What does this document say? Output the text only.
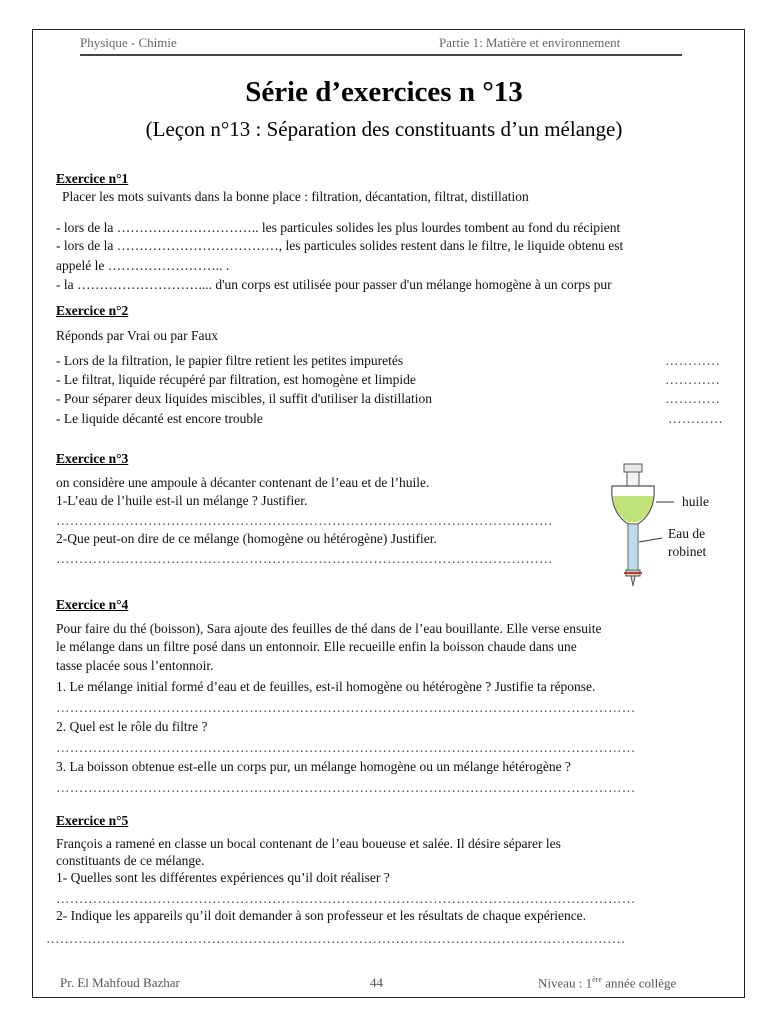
Physique - Chimie	Partie 1: Matière et environnement
Série d’exercices n °13
(Leçon n°13 : Séparation des constituants d’un mélange)
Exercice n°1
Placer les mots suivants dans la bonne place : filtration, décantation, filtrat, distillation
- lors de la ………………………….. les particules solides les plus lourdes tombent au fond du récipient
- lors de la ………………………………, les particules solides restent dans le filtre, le liquide obtenu est
appelé le …………………….. .
- la ……………………….... d'un corps est utilisée pour passer d'un mélange homogène à un corps pur
Exercice n°2
Réponds par Vrai ou par Faux
- Lors de la filtration, le papier filtre retient les petites impuretés	…………
- Le filtrat, liquide récupéré par filtration, est homogène et limpide	…………
- Pour séparer deux liquides miscibles, il suffit d'utiliser la distillation	…………
- Le liquide décanté est encore trouble	…………
Exercice n°3
on considère une ampoule à décanter contenant de l’eau et de l’huile.
1-L’eau de l’huile est-il un mélange ? Justifier.
………………………………………………………………………………………………
2-Que peut-on dire de ce mélange (homogène ou hétérogène) Justifier.
………………………………………………………………………………………………
huile
Eau de
robinet
Exercice n°4
Pour faire du thé (boisson), Sara ajoute des feuilles de thé dans de l’eau bouillante. Elle verse ensuite
le mélange dans un filtre posé dans un entonnoir. Elle recueille enfin la boisson chaude dans une
tasse placée sous l’entonnoir.
1. Le mélange initial formé d’eau et de feuilles, est-il homogène ou hétérogène ? Justifie ta réponse.
………………………………………………………………………………………………………………
2. Quel est le rôle du filtre ?
………………………………………………………………………………………………………………
3. La boisson obtenue est-elle un corps pur, un mélange homogène ou un mélange hétérogène ?
………………………………………………………………………………………………………………
Exercice n°5
François a ramené en classe un bocal contenant de l’eau boueuse et salée. Il désire séparer les
constituants de ce mélange.
1- Quelles sont les différentes expériences qu’il doit réaliser ?
………………………………………………………………………………………………………………
2- Indique les appareils qu’il doit demander à son professeur et les résultats de chaque expérience.
………………………………………………………………………………………………………………
Pr. El Mahfoud Bazhar	44	Niveau : 1ère année collège
